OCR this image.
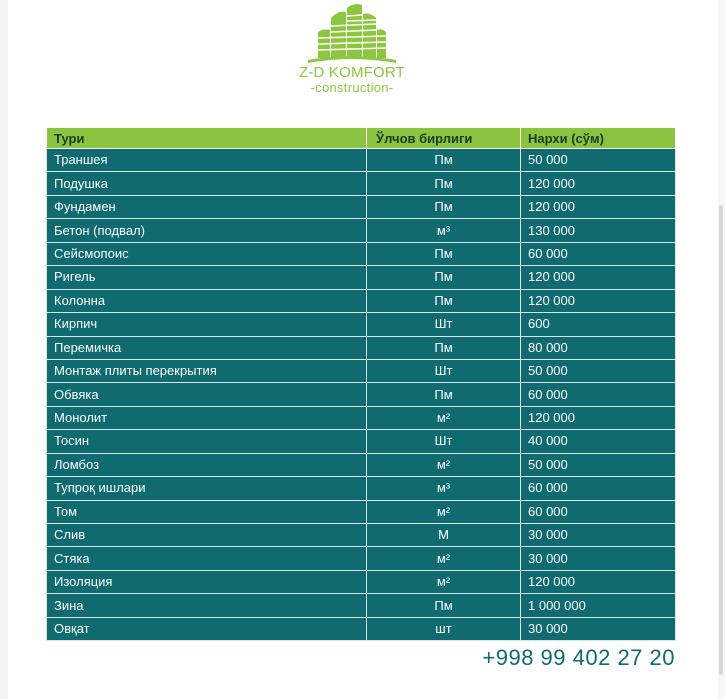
Z-D KOMFORT
-construction-
Тури	Ўлчов бирлиги	Нархи (сўм)
Траншея	Пм	50 000
Подушка	Пм	120 000
Фундамен	Пм	120 000
Бетон (подвал)	м³	130 000
Сейсмопоис	Пм	60 000
Ригель	Пм	120 000
Колонна	Пм	120 000
Кирпич	Шт	600
Перемичка	Пм	80 000
Монтаж плиты перекрытия	Шт	50 000
Обвяка	Пм	60 000
Монолит	м²	120 000
Тосин	Шт	40 000
Ломбоз	м²	50 000
Тупроқ ишлари	м³	60 000
Том	м²	60 000
Слив	М	30 000
Стяка	м²	30 000
Изоляция	м²	120 000
Зина	Пм	1 000 000
Овқат	шт	30 000
+998 99 402 27 20
